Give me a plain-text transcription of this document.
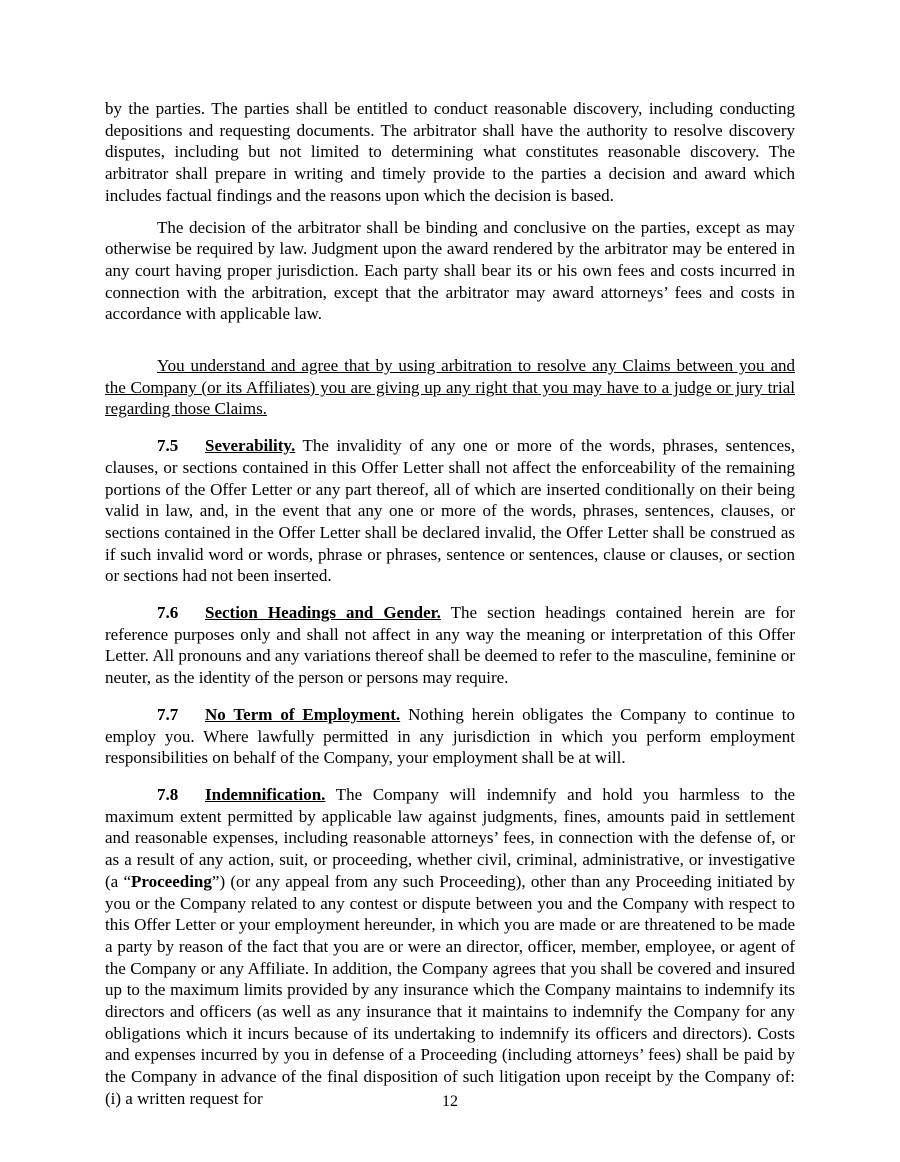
by the parties. The parties shall be entitled to conduct reasonable discovery, including conducting depositions and requesting documents. The arbitrator shall have the authority to resolve discovery disputes, including but not limited to determining what constitutes reasonable discovery. The arbitrator shall prepare in writing and timely provide to the parties a decision and award which includes factual findings and the reasons upon which the decision is based.

The decision of the arbitrator shall be binding and conclusive on the parties, except as may otherwise be required by law. Judgment upon the award rendered by the arbitrator may be entered in any court having proper jurisdiction. Each party shall bear its or his own fees and costs incurred in connection with the arbitration, except that the arbitrator may award attorneys’ fees and costs in accordance with applicable law.

You understand and agree that by using arbitration to resolve any Claims between you and the Company (or its Affiliates) you are giving up any right that you may have to a judge or jury trial regarding those Claims.

7.5 Severability. The invalidity of any one or more of the words, phrases, sentences, clauses, or sections contained in this Offer Letter shall not affect the enforceability of the remaining portions of the Offer Letter or any part thereof, all of which are inserted conditionally on their being valid in law, and, in the event that any one or more of the words, phrases, sentences, clauses, or sections contained in the Offer Letter shall be declared invalid, the Offer Letter shall be construed as if such invalid word or words, phrase or phrases, sentence or sentences, clause or clauses, or section or sections had not been inserted.

7.6 Section Headings and Gender. The section headings contained herein are for reference purposes only and shall not affect in any way the meaning or interpretation of this Offer Letter. All pronouns and any variations thereof shall be deemed to refer to the masculine, feminine or neuter, as the identity of the person or persons may require.

7.7 No Term of Employment. Nothing herein obligates the Company to continue to employ you. Where lawfully permitted in any jurisdiction in which you perform employment responsibilities on behalf of the Company, your employment shall be at will.

7.8 Indemnification. The Company will indemnify and hold you harmless to the maximum extent permitted by applicable law against judgments, fines, amounts paid in settlement and reasonable expenses, including reasonable attorneys’ fees, in connection with the defense of, or as a result of any action, suit, or proceeding, whether civil, criminal, administrative, or investigative (a “Proceeding”) (or any appeal from any such Proceeding), other than any Proceeding initiated by you or the Company related to any contest or dispute between you and the Company with respect to this Offer Letter or your employment hereunder, in which you are made or are threatened to be made a party by reason of the fact that you are or were an director, officer, member, employee, or agent of the Company or any Affiliate. In addition, the Company agrees that you shall be covered and insured up to the maximum limits provided by any insurance which the Company maintains to indemnify its directors and officers (as well as any insurance that it maintains to indemnify the Company for any obligations which it incurs because of its undertaking to indemnify its officers and directors). Costs and expenses incurred by you in defense of a Proceeding (including attorneys’ fees) shall be paid by the Company in advance of the final disposition of such litigation upon receipt by the Company of: (i) a written request for	12
